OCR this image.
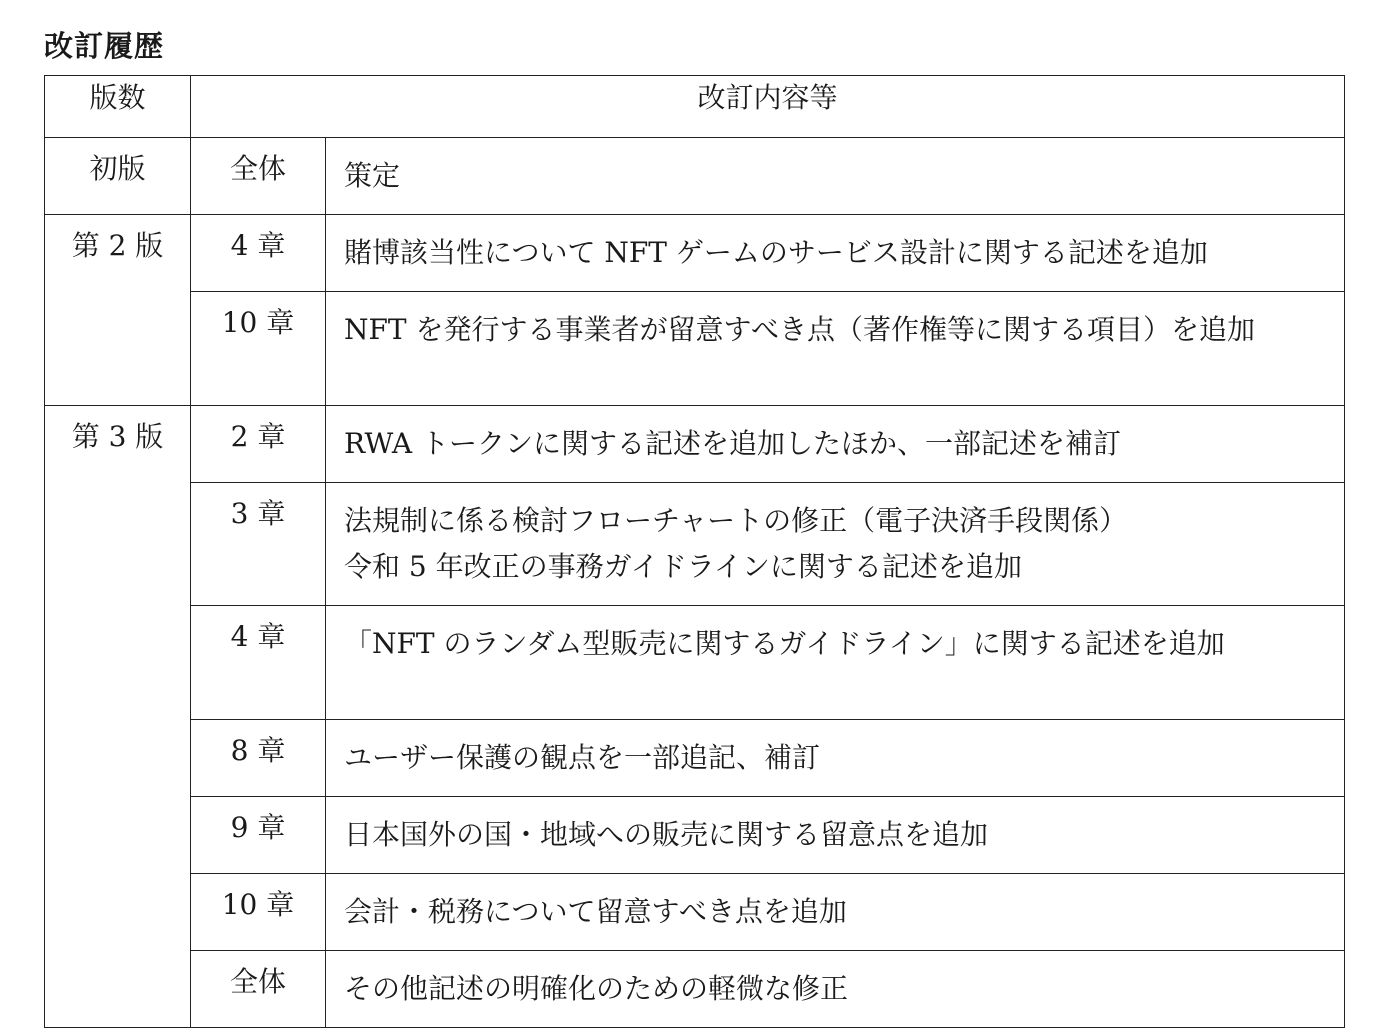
改訂履歴
版数	改訂内容等	
初版	全体	策定

第 2 版	4 章	賭博該当性について NFT ゲームのサービス設計に関する記述を追加

	10 章	NFT を発行する事業者が留意すべき点（著作権等に関する項目）を追加

第 3 版	2 章	RWA トークンに関する記述を追加したほか、一部記述を補訂

	3 章	法規制に係る検討フローチャートの修正（電子決済手段関係）
令和 5 年改正の事務ガイドラインに関する記述を追加

	4 章	「NFT のランダム型販売に関するガイドライン」に関する記述を追加

	8 章	ユーザー保護の観点を一部追記、補訂

	9 章	日本国外の国・地域への販売に関する留意点を追加

	10 章	会計・税務について留意すべき点を追加

	全体	その他記述の明確化のための軽微な修正
